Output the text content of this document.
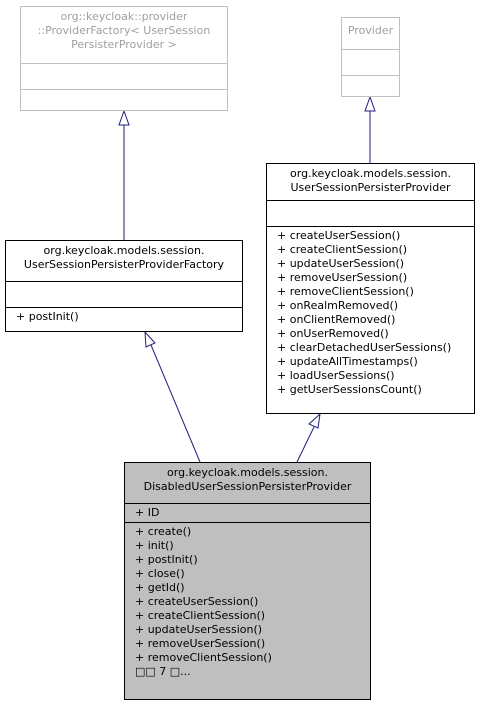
org::keycloak::provider
::ProviderFactory< UserSession
PersisterProvider >
Provider
org.keycloak.models.session.
UserSessionPersisterProvider
+ createUserSession()
+ createClientSession()
+ updateUserSession()
+ removeUserSession()
+ removeClientSession()
+ onRealmRemoved()
+ onClientRemoved()
+ onUserRemoved()
+ clearDetachedUserSessions()
+ updateAllTimestamps()
+ loadUserSessions()
+ getUserSessionsCount()
org.keycloak.models.session.
UserSessionPersisterProviderFactory
+ postInit()
org.keycloak.models.session.
DisabledUserSessionPersisterProvider
+ ID
+ create()
+ init()
+ postInit()
+ close()
+ getId()
+ createUserSession()
+ createClientSession()
+ updateUserSession()
+ removeUserSession()
+ removeClientSession()
□□ 7 □...
